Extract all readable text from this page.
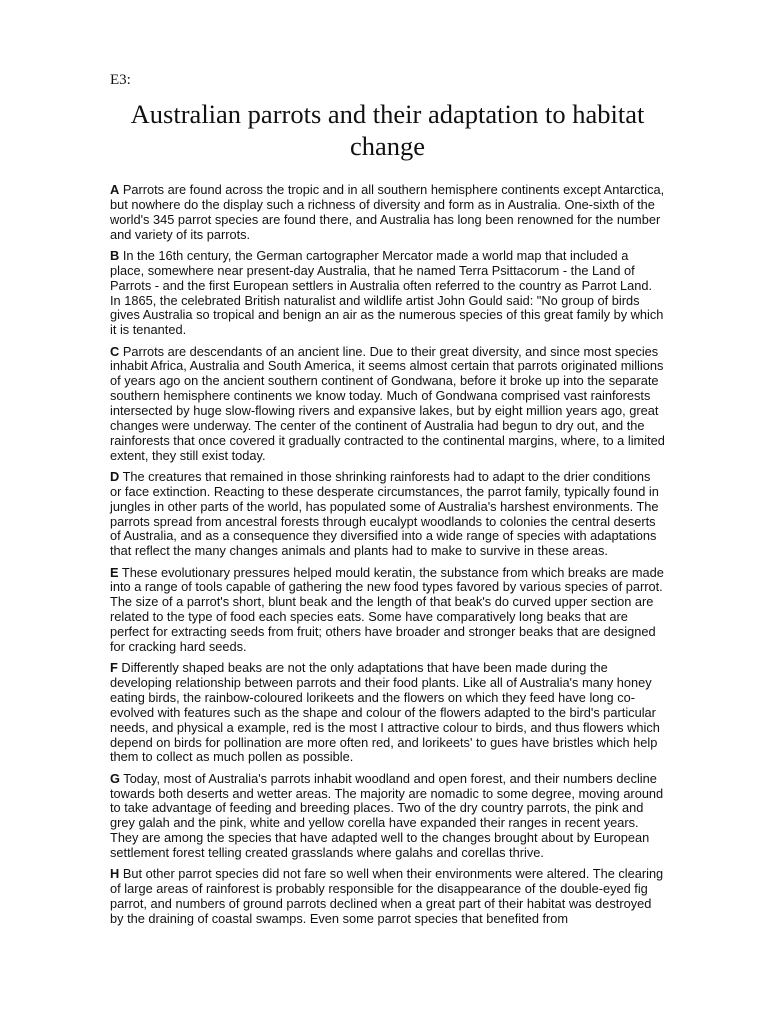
E3:
Australian parrots and their adaptation to habitat change

A Parrots are found across the tropic and in all southern hemisphere continents except Antarctica, but nowhere do the display such a richness of diversity and form as in Australia. One-sixth of the world's 345 parrot species are found there, and Australia has long been renowned for the number and variety of its parrots.

B In the 16th century, the German cartographer Mercator made a world map that included a place, somewhere near present-day Australia, that he named Terra Psittacorum - the Land of Parrots - and the first European settlers in Australia often referred to the country as Parrot Land. In 1865, the celebrated British naturalist and wildlife artist John Gould said: "No group of birds gives Australia so tropical and benign an air as the numerous species of this great family by which it is tenanted.

C Parrots are descendants of an ancient line. Due to their great diversity, and since most species inhabit Africa, Australia and South America, it seems almost certain that parrots originated millions of years ago on the ancient southern continent of Gondwana, before it broke up into the separate southern hemisphere continents we know today. Much of Gondwana comprised vast rainforests intersected by huge slow-flowing rivers and expansive lakes, but by eight million years ago, great changes were underway. The center of the continent of Australia had begun to dry out, and the rainforests that once covered it gradually contracted to the continental margins, where, to a limited extent, they still exist today.

D The creatures that remained in those shrinking rainforests had to adapt to the drier conditions or face extinction. Reacting to these desperate circumstances, the parrot family, typically found in jungles in other parts of the world, has populated some of Australia's harshest environments. The parrots spread from ancestral forests through eucalypt woodlands to colonies the central deserts of Australia, and as a consequence they diversified into a wide range of species with adaptations that reflect the many changes animals and plants had to make to survive in these areas.

E These evolutionary pressures helped mould keratin, the substance from which breaks are made into a range of tools capable of gathering the new food types favored by various species of parrot. The size of a parrot's short, blunt beak and the length of that beak's do curved upper section are related to the type of food each species eats. Some have comparatively long beaks that are perfect for extracting seeds from fruit; others have broader and stronger beaks that are designed for cracking hard seeds.

F Differently shaped beaks are not the only adaptations that have been made during the developing relationship between parrots and their food plants. Like all of Australia's many honey eating birds, the rainbow-coloured lorikeets and the flowers on which they feed have long co-evolved with features such as the shape and colour of the flowers adapted to the bird's particular needs, and physical a example, red is the most I attractive colour to birds, and thus flowers which depend on birds for pollination are more often red, and lorikeets' to gues have bristles which help them to collect as much pollen as possible.

G Today, most of Australia's parrots inhabit woodland and open forest, and their numbers decline towards both deserts and wetter areas. The majority are nomadic to some degree, moving around to take advantage of feeding and breeding places. Two of the dry country parrots, the pink and grey galah and the pink, white and yellow corella have expanded their ranges in recent years. They are among the species that have adapted well to the changes brought about by European settlement forest telling created grasslands where galahs and corellas thrive.

H But other parrot species did not fare so well when their environments were altered. The clearing of large areas of rainforest is probably responsible for the disappearance of the double-eyed fig parrot, and numbers of ground parrots declined when a great part of their habitat was destroyed by the draining of coastal swamps. Even some parrot species that benefited from
